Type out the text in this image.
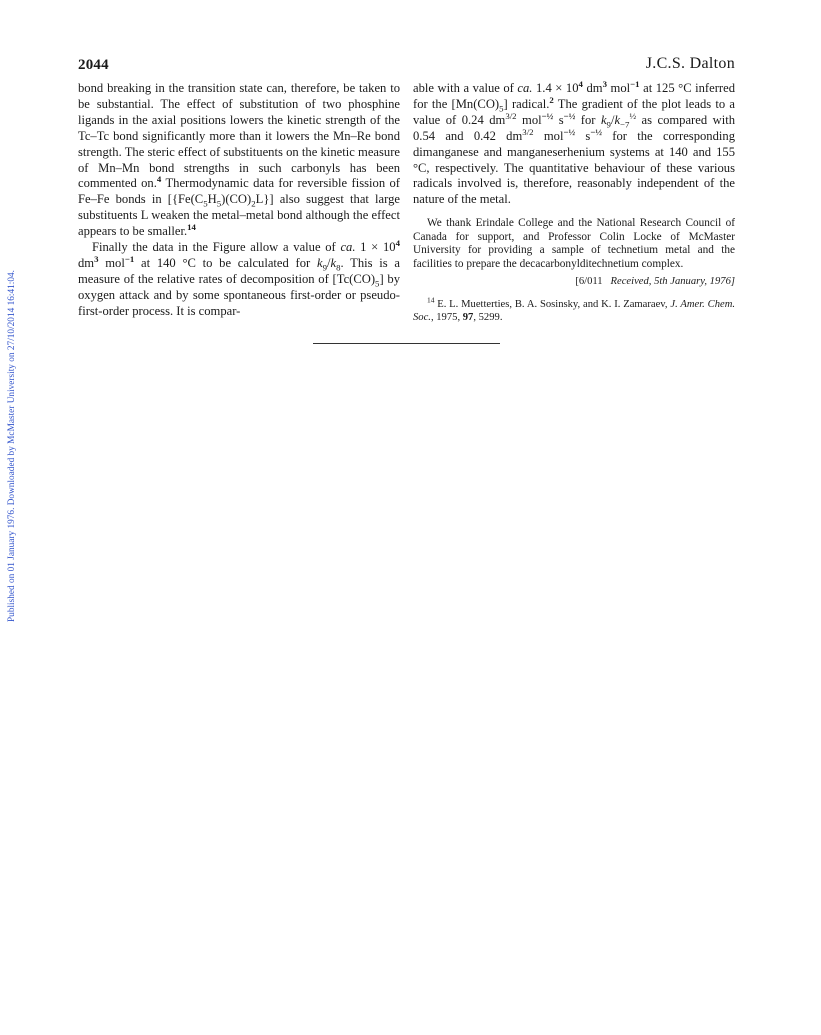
Published on 01 January 1976. Downloaded by McMaster University on 27/10/2014 16:41:04.
2044	J.C.S. Dalton

bond breaking in the transition state can, therefore, be taken to be substantial. The effect of substitution of two phosphine ligands in the axial positions lowers the kinetic strength of the Tc–Tc bond significantly more than it lowers the Mn–Re bond strength. The steric effect of substituents on the kinetic measure of Mn–Mn bond strengths in such carbonyls has been commented on.$^4$ Thermodynamic data for reversible fission of Fe–Fe bonds in $[\{Fe(C_5H_5)(CO)_2L\}]$ also suggest that large substituents L weaken the metal–metal bond although the effect appears to be smaller.$^{14}$

Finally the data in the Figure allow a value of ca. $1 \times 10^4$ $dm^3$ mol$^{-1}$ at 140 °C to be calculated for $k_9/k_8$. This is a measure of the relative rates of decomposition of $[Tc(CO)_5]$ by oxygen attack and by some spontaneous first-order or pseudo-first-order process. It is compar-

able with a value of ca. $1.4 \times 10^4$ $dm^3$ mol$^{-1}$ at 125 °C inferred for the $[Mn(CO)_5]$ radical.$^2$ The gradient of the plot leads to a value of 0.24 $dm^{3/2}$ mol$^{-\frac{1}{2}}$ $s^{-\frac{1}{2}}$ for $k_9/k_{-7}^{\frac{1}{2}}$ as compared with 0.54 and 0.42 $dm^{3/2}$ mol$^{-\frac{1}{2}}$ $s^{-\frac{1}{2}}$ for the corresponding dimanganese and manganeserhenium systems at 140 and 155 °C, respectively. The quantitative behaviour of these various radicals involved is, therefore, reasonably independent of the nature of the metal.

We thank Erindale College and the National Research Council of Canada for support, and Professor Colin Locke of McMaster University for providing a sample of technetium metal and the facilities to prepare the decacarbonylditechnetium complex.

[6/011 Received, 5th January, 1976]

$^{14}$ E. L. Muetterties, B. A. Sosinsky, and K. I. Zamaraev, J. Amer. Chem. Soc., 1975, 97, 5299.
